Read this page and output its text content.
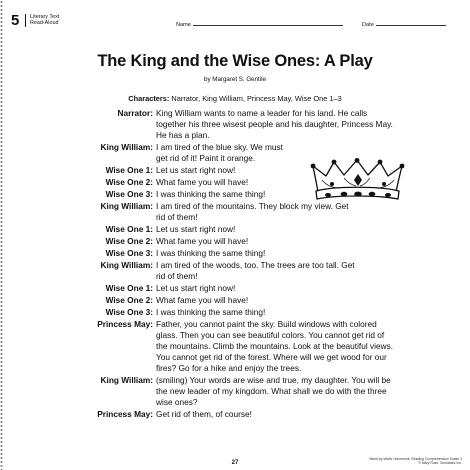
5 Literary Text
Read-Aloud	Name	Date
The King and the Wise Ones: A Play
by Margaret S. Gentile
Characters: Narrator, King William, Princess May, Wise One 1–3
Narrator: King William wants to name a leader for his land. He calls together his three wisest people and his daughter, Princess May. He has a plan.
King William: I am tired of the blue sky. We must get rid of it! Paint it orange.
Wise One 1: Let us start right now!
Wise One 2: What fame you will have!
Wise One 3: I was thinking the same thing!
King William: I am tired of the mountains. They block my view. Get rid of them!
Wise One 1: Let us start right now!
Wise One 2: What fame you will have!
Wise One 3: I was thinking the same thing!
King William: I am tired of the woods, too. The trees are too tall. Get rid of them!
Wise One 1: Let us start right now!
Wise One 2: What fame you will have!
Wise One 3: I was thinking the same thing!
Princess May: Father, you cannot paint the sky. Build windows with colored glass. Then you can see beautiful colors. You cannot get rid of the mountains. Climb the mountains. Look at the beautiful views. You cannot get rid of the forest. Where will we get wood for our fires? Go for a hike and enjoy the trees.
King William: (smiling) Your words are wise and true, my daughter. You will be the new leader of my kingdom. What shall we do with the three wise ones?
Princess May: Get rid of them, of course!
27
Week-by-Week Homework: Reading Comprehension Grade 3
© Mary Rose, Scholastic Inc.
